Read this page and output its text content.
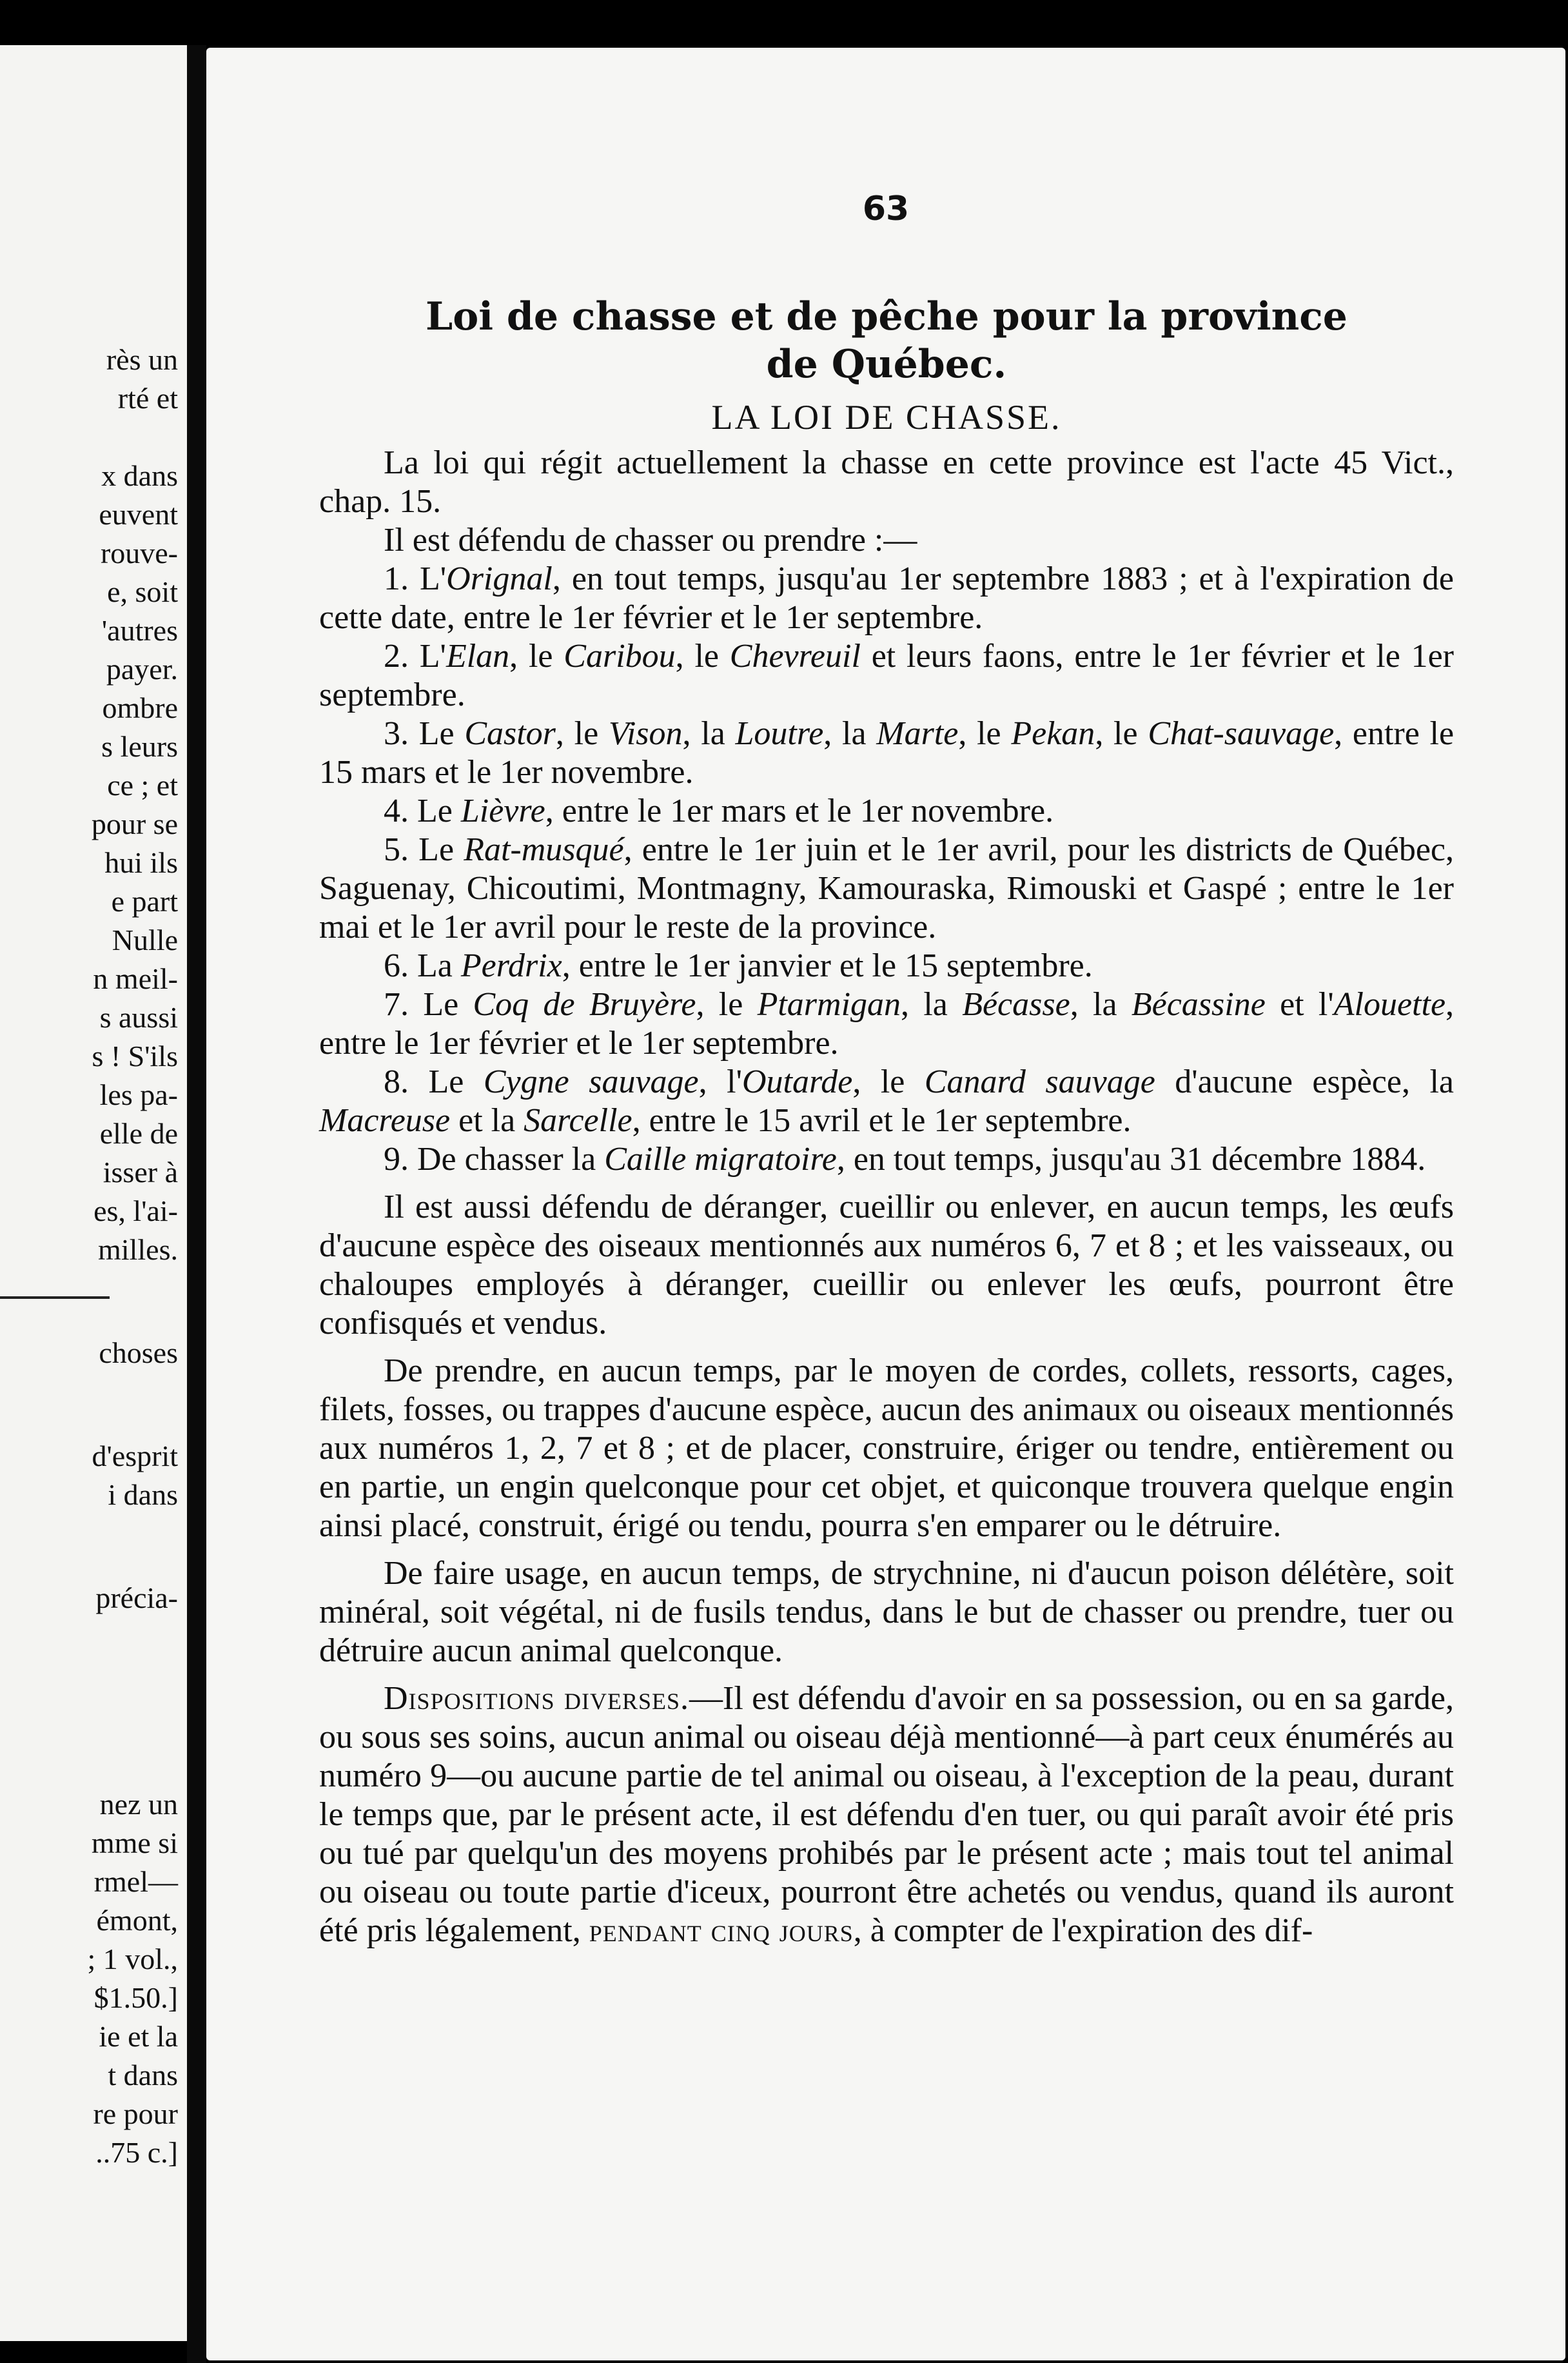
rès un
rté et
x dans
euvent
rouve-
e, soit
'autres
payer.
ombre
s leurs
ce ; et
pour se
hui ils
e part
Nulle
n meil-
s aussi
s ! S'ils
les pa-
elle de
isser à
es, l'ai-
milles.
choses
d'esprit
i dans
précia-
nez un
mme si
rmel—
émont,
; 1 vol.,
$1.50.]
ie et la
t dans
re pour
..75 c.]
63
Loi de chasse et de pêche pour la province
de Québec.
LA LOI DE CHASSE.

La loi qui régit actuellement la chasse en cette province est l'acte 45 Vict., chap. 15.

Il est défendu de chasser ou prendre :—

1. L'Orignal, en tout temps, jusqu'au 1er septembre 1883 ; et à l'expiration de cette date, entre le 1er février et le 1er septembre.

2. L'Elan, le Caribou, le Chevreuil et leurs faons, entre le 1er février et le 1er septembre.

3. Le Castor, le Vison, la Loutre, la Marte, le Pekan, le Chat-sauvage, entre le 15 mars et le 1er novembre.

4. Le Lièvre, entre le 1er mars et le 1er novembre.

5. Le Rat-musqué, entre le 1er juin et le 1er avril, pour les districts de Québec, Saguenay, Chicoutimi, Montmagny, Kamouraska, Rimouski et Gaspé ; entre le 1er mai et le 1er avril pour le reste de la province.

6. La Perdrix, entre le 1er janvier et le 15 septembre.

7. Le Coq de Bruyère, le Ptarmigan, la Bécasse, la Bécassine et l'Alouette, entre le 1er février et le 1er septembre.

8. Le Cygne sauvage, l'Outarde, le Canard sauvage d'aucune espèce, la Macreuse et la Sarcelle, entre le 15 avril et le 1er septembre.

9. De chasser la Caille migratoire, en tout temps, jusqu'au 31 décembre 1884.

Il est aussi défendu de déranger, cueillir ou enlever, en aucun temps, les œufs d'aucune espèce des oiseaux mentionnés aux numéros 6, 7 et 8 ; et les vaisseaux, ou chaloupes employés à déranger, cueillir ou enlever les œufs, pourront être confisqués et vendus.

De prendre, en aucun temps, par le moyen de cordes, collets, ressorts, cages, filets, fosses, ou trappes d'aucune espèce, aucun des animaux ou oiseaux mentionnés aux numéros 1, 2, 7 et 8 ; et de placer, construire, ériger ou tendre, entièrement ou en partie, un engin quelconque pour cet objet, et quiconque trouvera quelque engin ainsi placé, construit, érigé ou tendu, pourra s'en emparer ou le détruire.

De faire usage, en aucun temps, de strychnine, ni d'aucun poison délétère, soit minéral, soit végétal, ni de fusils tendus, dans le but de chasser ou prendre, tuer ou détruire aucun animal quelconque.

Dispositions diverses.—Il est défendu d'avoir en sa possession, ou en sa garde, ou sous ses soins, aucun animal ou oiseau déjà mentionné—à part ceux énumérés au numéro 9—ou aucune partie de tel animal ou oiseau, à l'exception de la peau, durant le temps que, par le présent acte, il est défendu d'en tuer, ou qui paraît avoir été pris ou tué par quelqu'un des moyens prohibés par le présent acte ; mais tout tel animal ou oiseau ou toute partie d'iceux, pourront être achetés ou vendus, quand ils auront été pris légalement, pendant cinq jours, à compter de l'expiration des dif-
